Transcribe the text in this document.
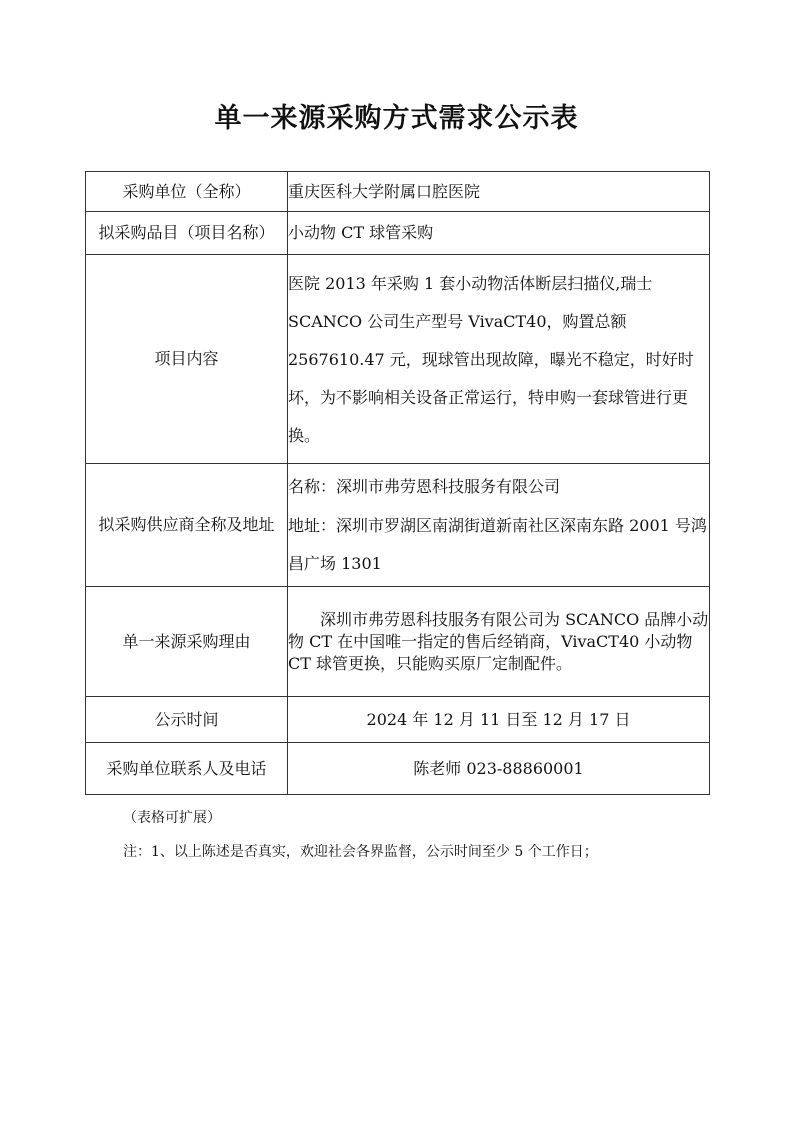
单一来源采购方式需求公示表
采购单位（全称）	重庆医科大学附属口腔医院
拟采购品目（项目名称）	小动物 CT 球管采购
项目内容	医院 2013 年采购 1 套小动物活体断层扫描仪,瑞士 SCANCO 公司生产型号 VivaCT40，购置总额 2567610.47 元，现球管出现故障，曝光不稳定，时好时坏，为不影响相关设备正常运行，特申购一套球管进行更换。

拟采购供应商全称及地址	名称：深圳市弗劳恩科技服务有限公司
地址：深圳市罗湖区南湖街道新南社区深南东路 2001 号鸿昌广场 1301

单一来源采购理由	深圳市弗劳恩科技服务有限公司为 SCANCO 品牌小动物 CT 在中国唯一指定的售后经销商，VivaCT40 小动物 CT 球管更换，只能购买原厂定制配件。

公示时间	2024 年 12 月 11 日至 12 月 17 日
采购单位联系人及电话	陈老师 023-88860001
（表格可扩展）
注：1、以上陈述是否真实，欢迎社会各界监督，公示时间至少 5 个工作日；
